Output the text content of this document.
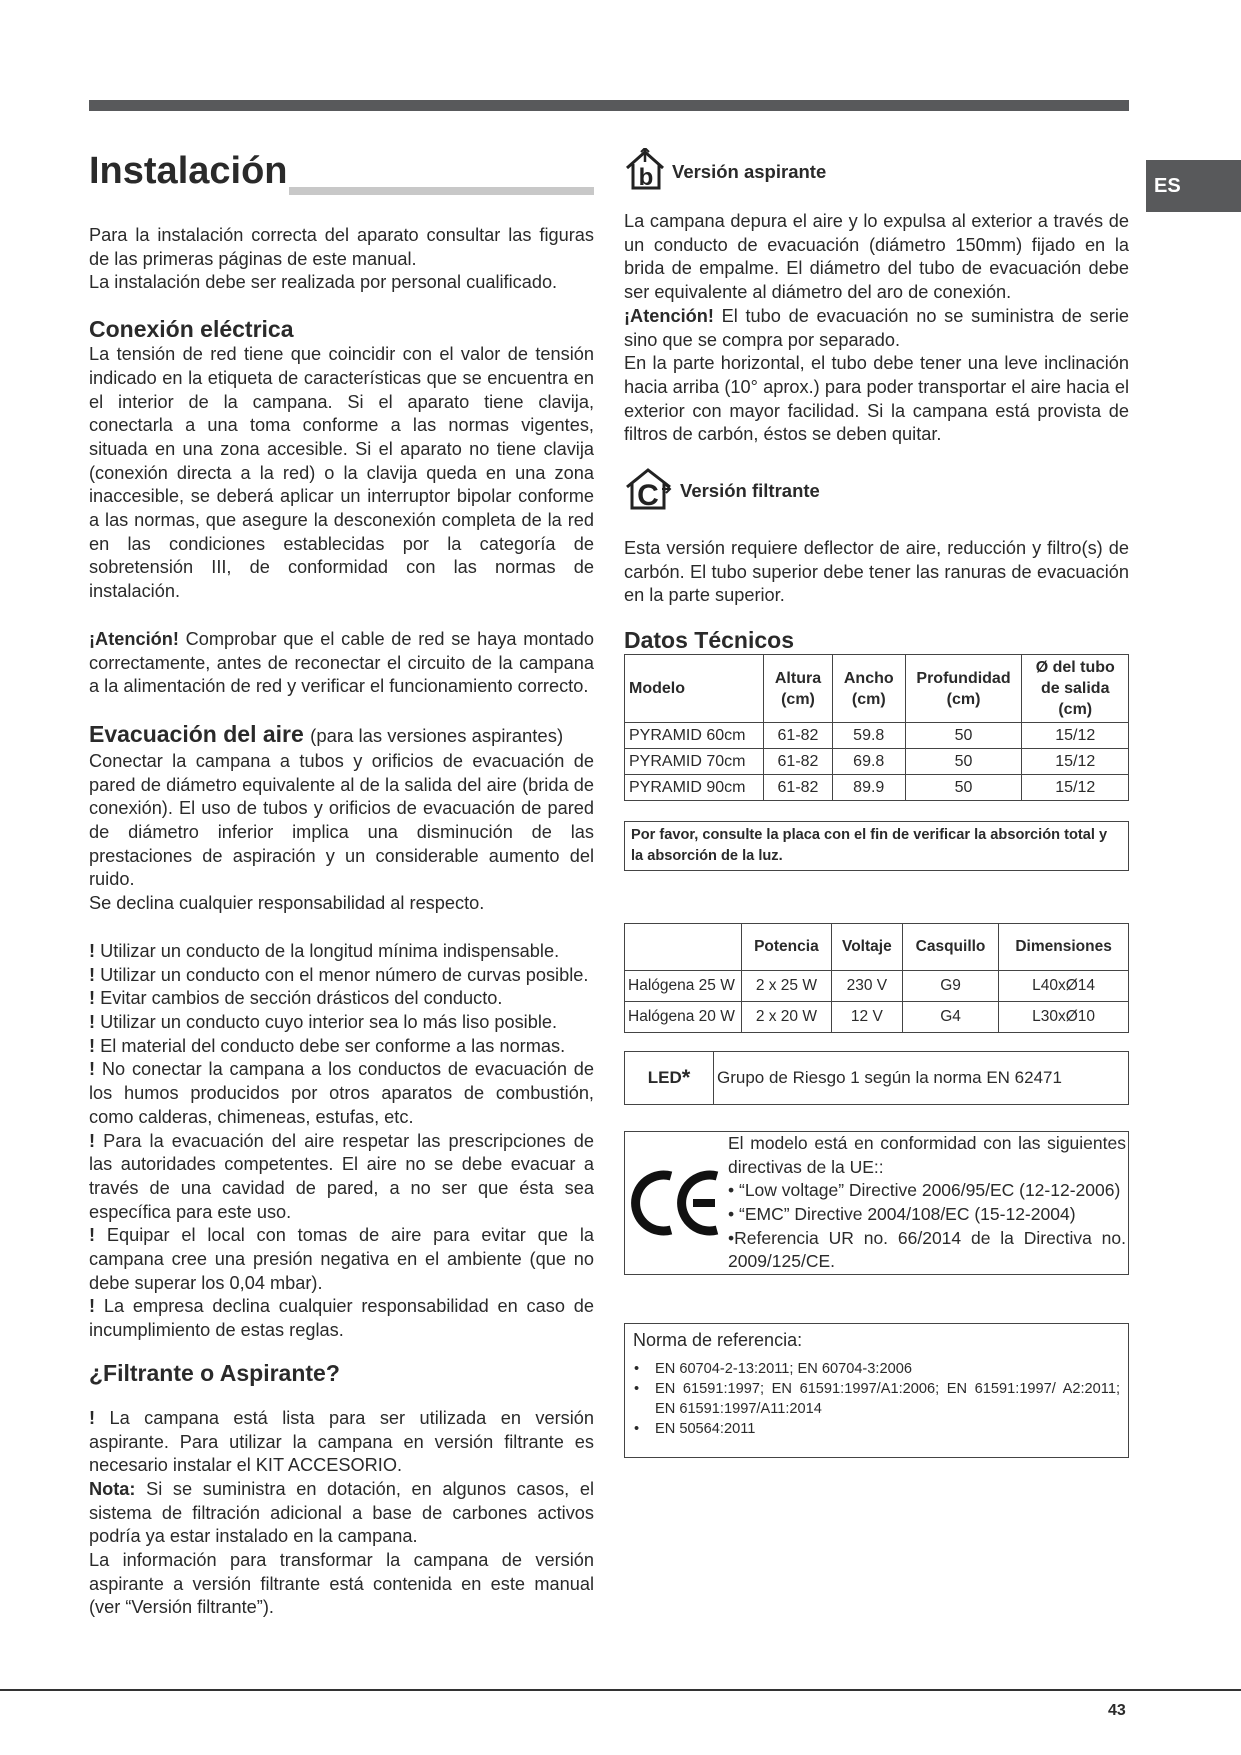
ES
Instalación

Para la instalación correcta del aparato consultar las figuras de las primeras páginas de este manual.

La instalación debe ser realizada por personal cualificado.

Conexión eléctrica

La tensión de red tiene que coincidir con el valor de tensión indicado en la etiqueta de características que se encuentra en el interior de la campana. Si el aparato tiene clavija, conectarla a una toma conforme a las normas vigentes, situada en una zona accesible. Si el aparato no tiene clavija (conexión directa a la red) o la clavija queda en una zona inaccesible, se deberá aplicar un interruptor bipolar conforme a las normas, que asegure la desconexión completa de la red en las condiciones establecidas por la categoría de sobretensión III, de conformidad con las normas de instalación.

¡Atención! Comprobar que el cable de red se haya montado correctamente, antes de reconectar el circuito de la campana a la alimentación de red y verificar el funcionamiento correcto.

Evacuación del aire (para las versiones aspirantes)

Conectar la campana a tubos y orificios de evacuación de pared de diámetro equivalente al de la salida del aire (brida de conexión). El uso de tubos y orificios de evacuación de pared de diámetro inferior implica una disminución de las prestaciones de aspiración y un considerable aumento del ruido.

Se declina cualquier responsabilidad al respecto.

! Utilizar un conducto de la longitud mínima indispensable.

! Utilizar un conducto con el menor número de curvas posible.

! Evitar cambios de sección drásticos del conducto.

! Utilizar un conducto cuyo interior sea lo más liso posible.

! El material del conducto debe ser conforme a las normas.

! No conectar la campana a los conductos de evacuación de los humos producidos por otros aparatos de combustión, como calderas, chimeneas, estufas, etc.

! Para la evacuación del aire respetar las prescripciones de las autoridades competentes. El aire no se debe evacuar a través de una cavidad de pared, a no ser que ésta sea específica para este uso.

! Equipar el local con tomas de aire para evitar que la campana cree una presión negativa en el ambiente (que no debe superar los 0,04 mbar).

! La empresa declina cualquier responsabilidad en caso de incumplimiento de estas reglas.

¿Filtrante o Aspirante?

! La campana está lista para ser utilizada en versión aspirante. Para utilizar la campana en versión filtrante es necesario instalar el KIT ACCESORIO.

Nota: Si se suministra en dotación, en algunos casos, el sistema de filtración adicional a base de carbones activos podría ya estar instalado en la campana.

La información para transformar la campana de versión aspirante a versión filtrante está contenida en este manual (ver “Versión filtrante”).

b Versión aspirante

La campana depura el aire y lo expulsa al exterior a través de un conducto de evacuación (diámetro 150mm) fijado en la brida de empalme. El diámetro del tubo de evacuación debe ser equivalente al diámetro del aro de conexión.

¡Atención! El tubo de evacuación no se suministra de serie sino que se compra por separado.

En la parte horizontal, el tubo debe tener una leve inclinación hacia arriba (10° aprox.) para poder transportar el aire hacia el exterior con mayor facilidad. Si la campana está provista de filtros de carbón, éstos se deben quitar.

C Versión filtrante

Esta versión requiere deflector de aire, reducción y filtro(s) de carbón. El tubo superior debe tener las ranuras de evacuación en la parte superior.

Datos Técnicos
Modelo	Altura (cm)	Ancho (cm)	Profundidad (cm)	Ø del tubo de salida (cm)
PYRAMID 60cm	61-82	59.8	50	15/12
PYRAMID 70cm	61-82	69.8	50	15/12
PYRAMID 90cm	61-82	89.9	50	15/12
Por favor, consulte la placa con el fin de verificar la absorción total y la absorción de la luz.
	Potencia	Voltaje	Casquillo	Dimensiones
Halógena 25 W	2 x 25 W	230 V	G9	L40xØ14
Halógena 20 W	2 x 20 W	12 V	G4	L30xØ10
LED * Grupo de Riesgo 1 según la norma EN 62471
El modelo está en conformidad con las siguientes directivas de la UE::
• “Low voltage” Directive 2006/95/EC (12-12-2006)
• “EMC” Directive 2004/108/EC (15-12-2004)
•Referencia UR no. 66/2014 de la Directiva no. 2009/125/CE.
Norma de referencia:
• EN 60704-2-13:2011; EN 60704-3:2006
• EN 61591:1997; EN 61591:1997/A1:2006; EN 61591:1997/ A2:2011; EN 61591:1997/A11:2014
• EN 50564:2011
43
